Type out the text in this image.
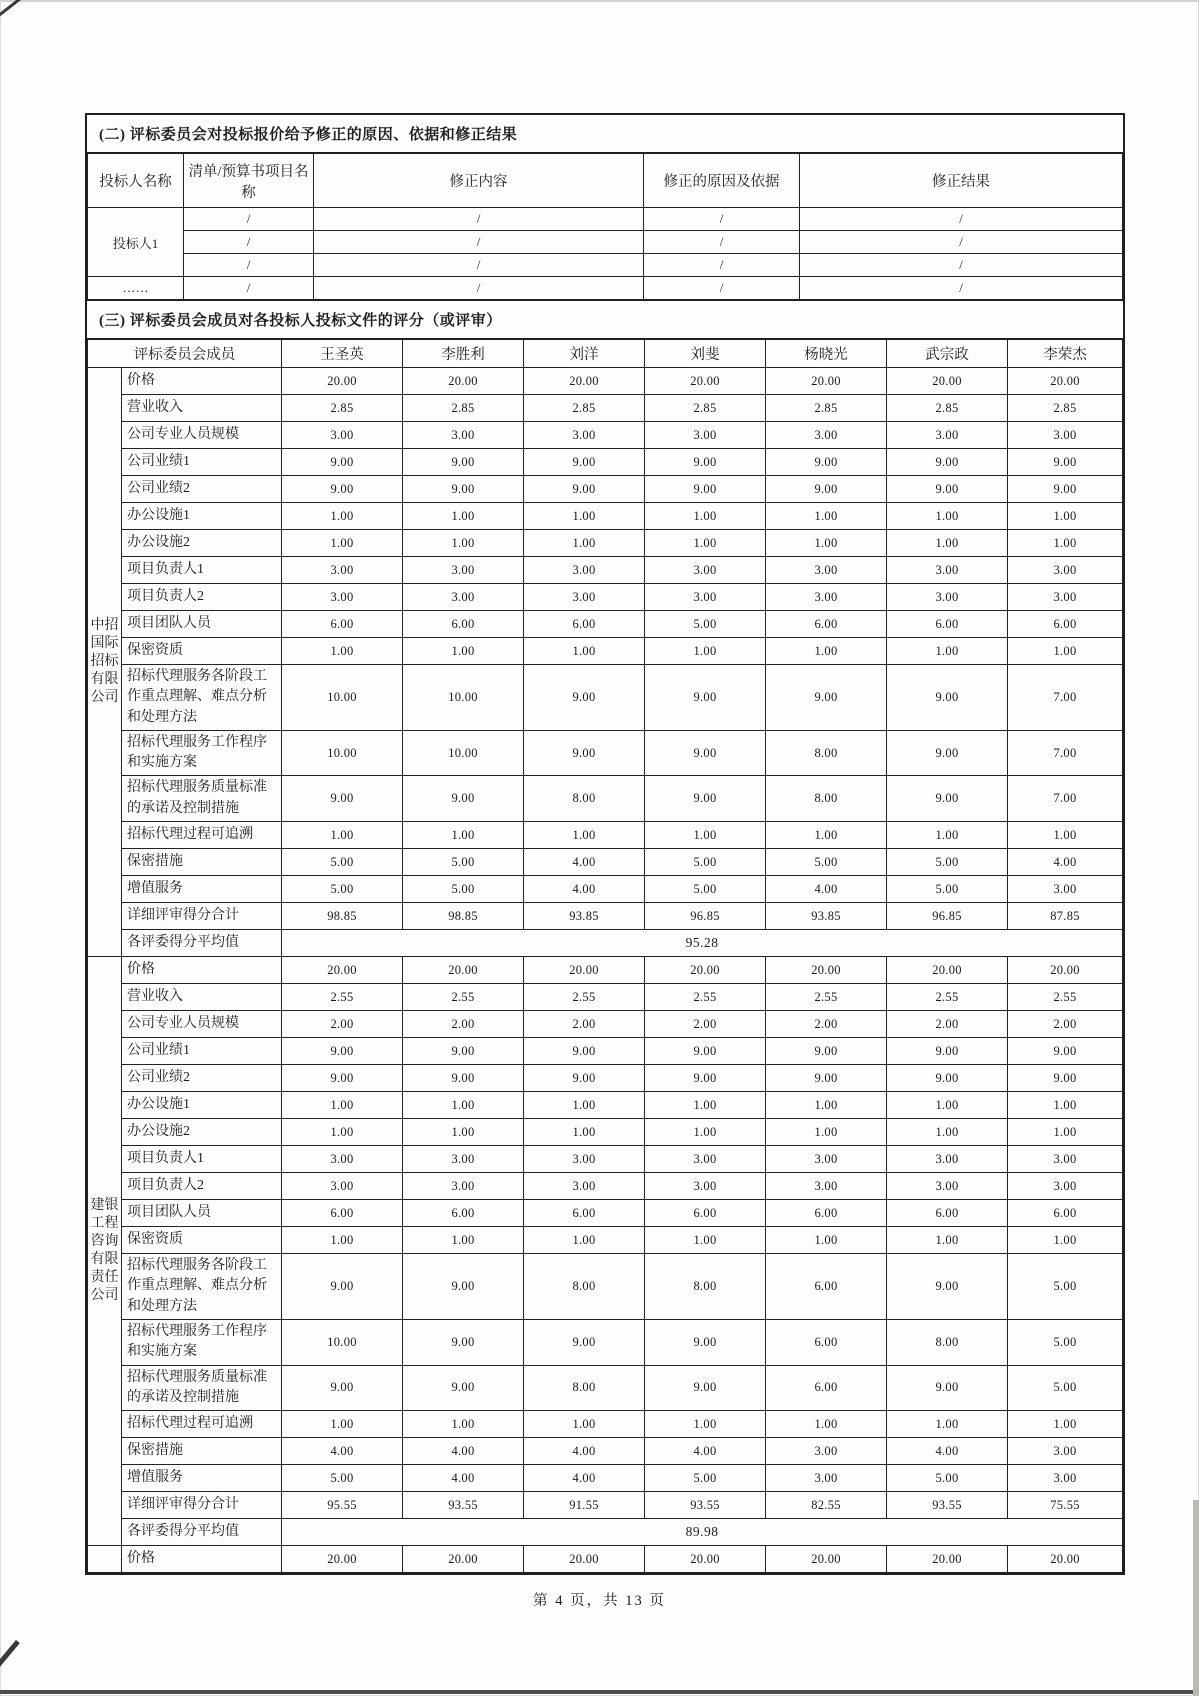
(二) 评标委员会对投标报价给予修正的原因、依据和修正结果
投标人名称	清单/预算书项目名称	修正内容	修正的原因及依据	修正结果
投标人1	/	/	/	/
	/	/	/	/
	/	/	/	/
……	/	/	/	/
(三) 评标委员会成员对各投标人投标文件的评分（或评审）
评标委员会成员		王圣英	李胜利	刘洋	刘斐	杨晓光	武宗政	李荣杰
中招国际招标有限公司	价格	20.00	20.00	20.00	20.00	20.00	20.00	20.00
	营业收入	2.85	2.85	2.85	2.85	2.85	2.85	2.85
	公司专业人员规模	3.00	3.00	3.00	3.00	3.00	3.00	3.00
	公司业绩1	9.00	9.00	9.00	9.00	9.00	9.00	9.00
	公司业绩2	9.00	9.00	9.00	9.00	9.00	9.00	9.00
	办公设施1	1.00	1.00	1.00	1.00	1.00	1.00	1.00
	办公设施2	1.00	1.00	1.00	1.00	1.00	1.00	1.00
	项目负责人1	3.00	3.00	3.00	3.00	3.00	3.00	3.00
	项目负责人2	3.00	3.00	3.00	3.00	3.00	3.00	3.00
	项目团队人员	6.00	6.00	6.00	5.00	6.00	6.00	6.00
	保密资质	1.00	1.00	1.00	1.00	1.00	1.00	1.00
	招标代理服务各阶段工作重点理解、难点分析和处理方法	10.00	10.00	9.00	9.00	9.00	9.00	7.00
	招标代理服务工作程序和实施方案	10.00	10.00	9.00	9.00	8.00	9.00	7.00
	招标代理服务质量标准的承诺及控制措施	9.00	9.00	8.00	9.00	8.00	9.00	7.00
	招标代理过程可追溯	1.00	1.00	1.00	1.00	1.00	1.00	1.00
	保密措施	5.00	5.00	4.00	5.00	5.00	5.00	4.00
	增值服务	5.00	5.00	4.00	5.00	4.00	5.00	3.00
	详细评审得分合计	98.85	98.85	93.85	96.85	93.85	96.85	87.85
	各评委得分平均值	95.28						
建银工程咨询有限责任公司	价格	20.00	20.00	20.00	20.00	20.00	20.00	20.00
	营业收入	2.55	2.55	2.55	2.55	2.55	2.55	2.55
	公司专业人员规模	2.00	2.00	2.00	2.00	2.00	2.00	2.00
	公司业绩1	9.00	9.00	9.00	9.00	9.00	9.00	9.00
	公司业绩2	9.00	9.00	9.00	9.00	9.00	9.00	9.00
	办公设施1	1.00	1.00	1.00	1.00	1.00	1.00	1.00
	办公设施2	1.00	1.00	1.00	1.00	1.00	1.00	1.00
	项目负责人1	3.00	3.00	3.00	3.00	3.00	3.00	3.00
	项目负责人2	3.00	3.00	3.00	3.00	3.00	3.00	3.00
	项目团队人员	6.00	6.00	6.00	6.00	6.00	6.00	6.00
	保密资质	1.00	1.00	1.00	1.00	1.00	1.00	1.00
	招标代理服务各阶段工作重点理解、难点分析和处理方法	9.00	9.00	8.00	8.00	6.00	9.00	5.00
	招标代理服务工作程序和实施方案	10.00	9.00	9.00	9.00	6.00	8.00	5.00
	招标代理服务质量标准的承诺及控制措施	9.00	9.00	8.00	9.00	6.00	9.00	5.00
	招标代理过程可追溯	1.00	1.00	1.00	1.00	1.00	1.00	1.00
	保密措施	4.00	4.00	4.00	4.00	3.00	4.00	3.00
	增值服务	5.00	4.00	4.00	5.00	3.00	5.00	3.00
	详细评审得分合计	95.55	93.55	91.55	93.55	82.55	93.55	75.55
	各评委得分平均值	89.98						
	价格	20.00	20.00	20.00	20.00	20.00	20.00	20.00
第 4 页，共 13 页
